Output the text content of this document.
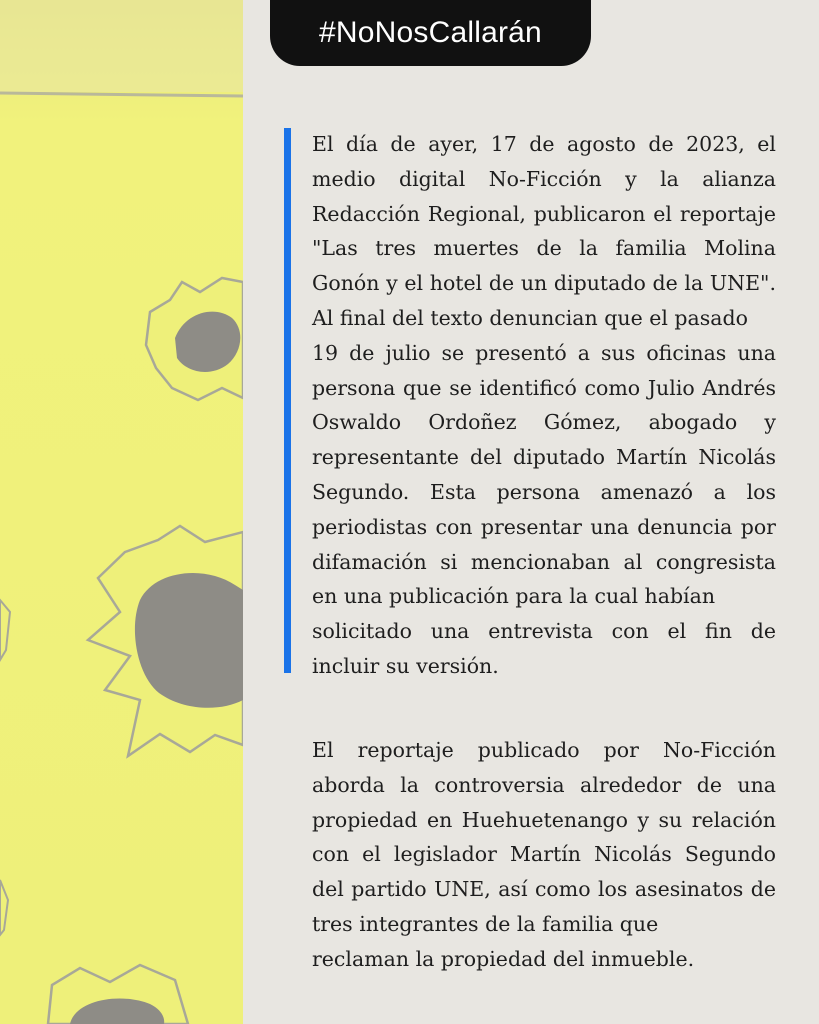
#NoNosCallarán
El día de ayer, 17 de agosto de 2023, el
medio digital No-Ficción y la alianza
Redacción Regional, publicaron el reportaje
"Las tres muertes de la familia Molina
Gonón y el hotel de un diputado de la UNE".
Al final del texto denuncian que el pasado
19 de julio se presentó a sus oficinas una
persona que se identificó como Julio Andrés
Oswaldo Ordoñez Gómez, abogado y
representante del diputado Martín Nicolás
Segundo. Esta persona amenazó a los
periodistas con presentar una denuncia por
difamación si mencionaban al congresista
en una publicación para la cual habían
solicitado una entrevista con el fin de
incluir su versión.
El reportaje publicado por No-Ficción
aborda la controversia alrededor de una
propiedad en Huehuetenango y su relación
con el legislador Martín Nicolás Segundo
del partido UNE, así como los asesinatos de
tres integrantes de la familia que
reclaman la propiedad del inmueble.
